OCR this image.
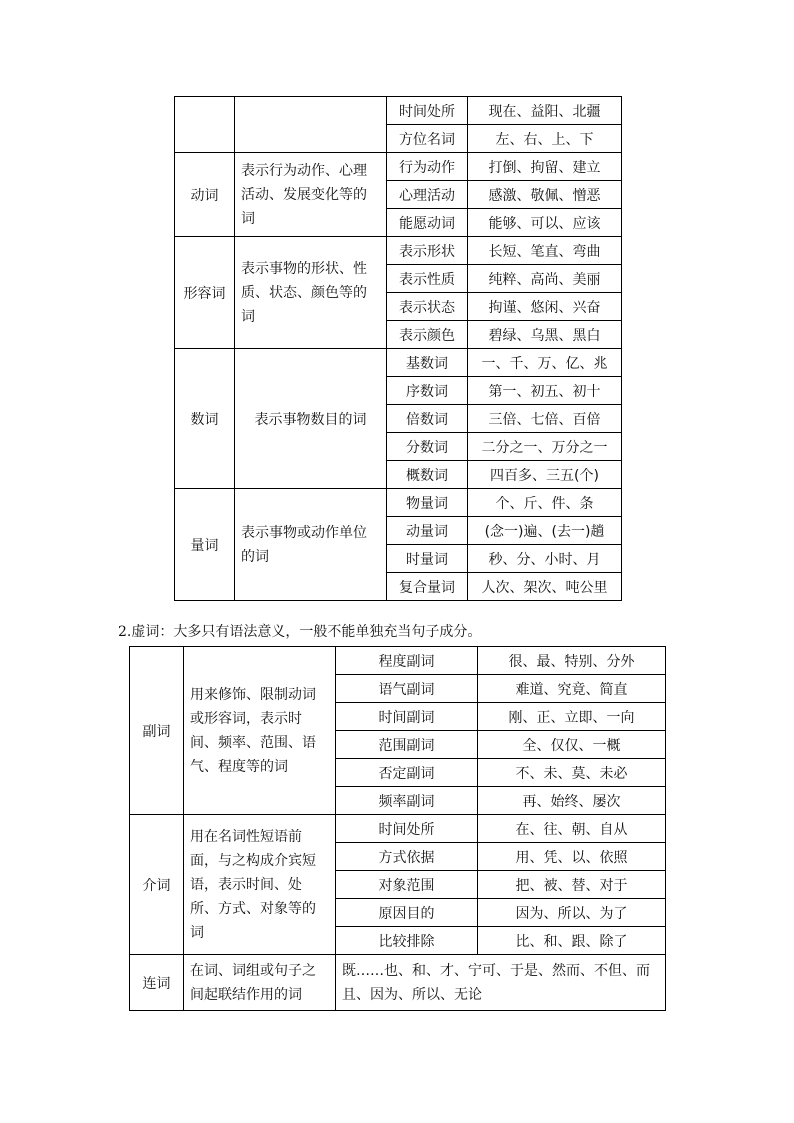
		时间处所	现在、益阳、北疆
		方位名词	左、右、上、下
动词	表示行为动作、心理活动、发展变化等的词	行为动作	打倒、拘留、建立
		心理活动	感激、敬佩、憎恶
		能愿动词	能够、可以、应该
形容词	表示事物的形状、性质、状态、颜色等的词	表示形状	长短、笔直、弯曲
		表示性质	纯粹、高尚、美丽
		表示状态	拘谨、悠闲、兴奋
		表示颜色	碧绿、乌黑、黑白
数词	表示事物数目的词	基数词	一、千、万、亿、兆
		序数词	第一、初五、初十
		倍数词	三倍、七倍、百倍
		分数词	二分之一、万分之一
		概数词	四百多、三五(个)
量词	表示事物或动作单位的词	物量词	个、斤、件、条
		动量词	(念一)遍、(去一)趟
		时量词	秒、分、小时、月
		复合量词	人次、架次、吨公里
2.虚词：大多只有语法意义，一般不能单独充当句子成分。
副词	用来修饰、限制动词或形容词，表示时间、频率、范围、语气、程度等的词	程度副词	很、最、特别、分外
		语气副词	难道、究竟、简直
		时间副词	刚、正、立即、一向
		范围副词	全、仅仅、一概
		否定副词	不、未、莫、未必
		频率副词	再、始终、屡次
介词	用在名词性短语前面，与之构成介宾短语，表示时间、处所、方式、对象等的词	时间处所	在、往、朝、自从
		方式依据	用、凭、以、依照
		对象范围	把、被、替、对于
		原因目的	因为、所以、为了
		比较排除	比、和、跟、除了
连词	在词、词组或句子之间起联结作用的词	既……也、和、才、宁可、于是、然而、不但、而且、因为、所以、无论	
